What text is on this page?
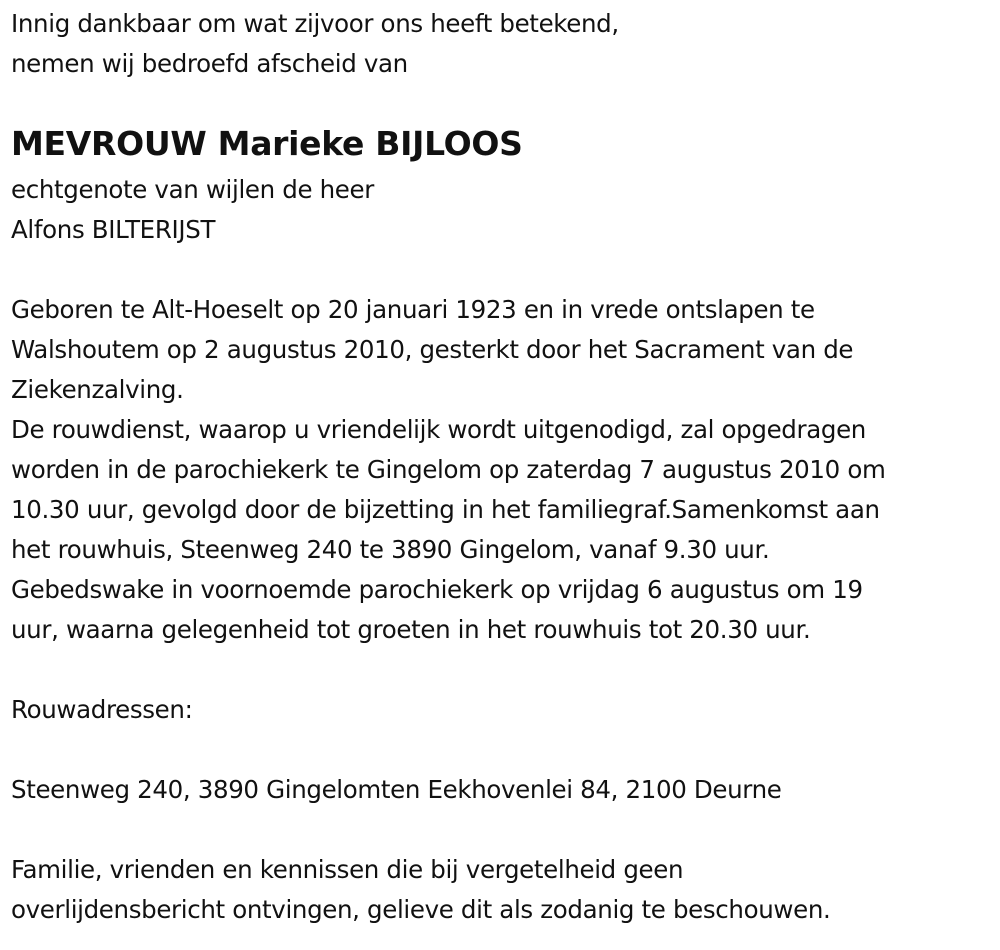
Innig dankbaar om wat zijvoor ons heeft betekend,
nemen wij bedroefd afscheid van
MEVROUW Marieke BIJLOOS
echtgenote van wijlen de heer
Alfons BILTERIJST
Geboren te Alt-Hoeselt op 20 januari 1923 en in vrede ontslapen te
Walshoutem op 2 augustus 2010, gesterkt door het Sacrament van de
Ziekenzalving.
De rouwdienst, waarop u vriendelijk wordt uitgenodigd, zal opgedragen
worden in de parochiekerk te Gingelom op zaterdag 7 augustus 2010 om
10.30 uur, gevolgd door de bijzetting in het familiegraf.Samenkomst aan
het rouwhuis, Steenweg 240 te 3890 Gingelom, vanaf 9.30 uur.
Gebedswake in voornoemde parochiekerk op vrijdag 6 augustus om 19
uur, waarna gelegenheid tot groeten in het rouwhuis tot 20.30 uur.
Rouwadressen:
Steenweg 240, 3890 Gingelomten Eekhovenlei 84, 2100 Deurne
Familie, vrienden en kennissen die bij vergetelheid geen
overlijdensbericht ontvingen, gelieve dit als zodanig te beschouwen.
